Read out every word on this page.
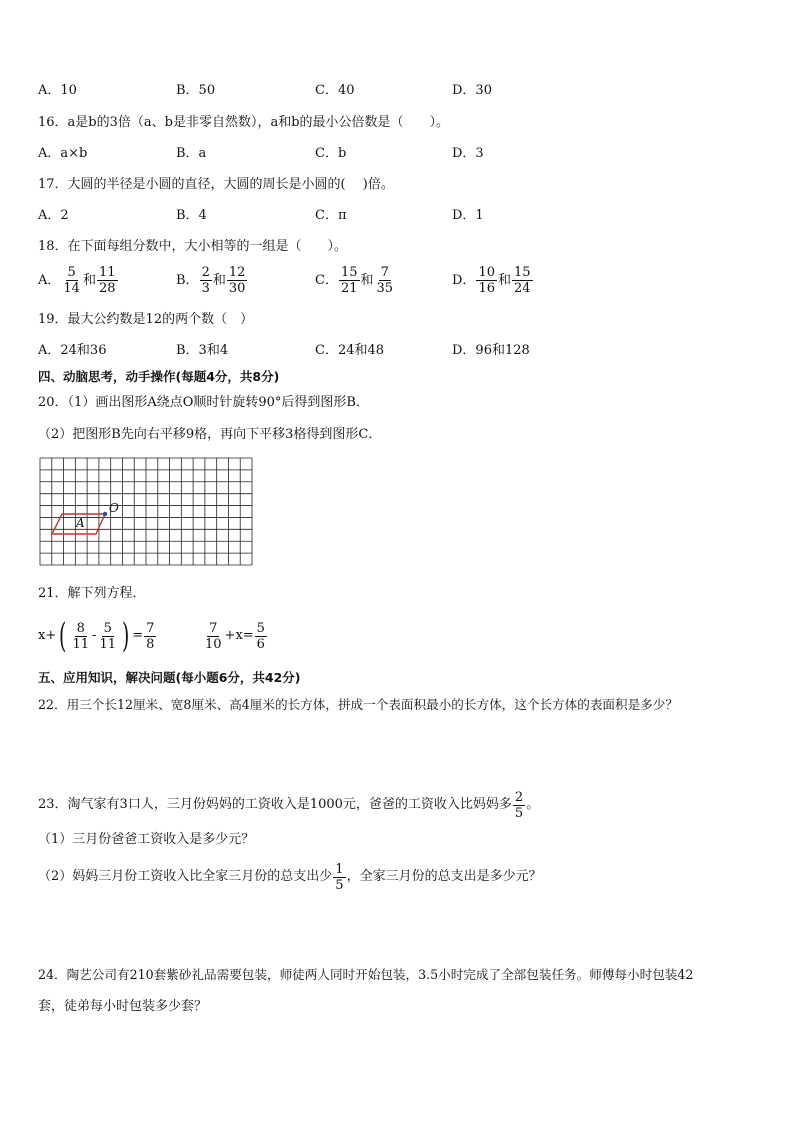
A．10	B．50	C．40	D．30
16．a是b的3倍（a、b是非零自然数），a和b的最小公倍数是（　　）。
A．a×b	B．a	C．b	D．3
17．大圆的半径是小圆的直径，大圆的周长是小圆的(　 )倍。
A．2	B．4	C．π	D．1
18．在下面每组分数中，大小相等的一组是（　　）。
A． $\frac{5}{14}$ 和 $\frac{11}{28}$	B． $\frac{2}{3}$ 和 $\frac{12}{30}$	C． $\frac{15}{21}$ 和 $\frac{7}{35}$	D． $\frac{10}{16}$ 和 $\frac{15}{24}$
19．最大公约数是12的两个数（　）
A．24和36	B．3和4	C．24和48	D．96和128
四、动脑思考，动手操作(每题4分，共8分)
20．（1）画出图形A绕点O顺时针旋转90°后得到图形B．
（2）把图形B先向右平移9格，再向下平移3格得到图形C．
A
O
21．解下列方程．
x+ ( $\frac{8}{11} - \frac{5}{11}$ ) = $\frac{7}{8}$	$\frac{7}{10} +x= \frac{5}{6}$
五、应用知识，解决问题(每小题6分，共42分)
22．用三个长12厘米、宽8厘米、高4厘米的长方体，拼成一个表面积最小的长方体，这个长方体的表面积是多少？
23．淘气家有3口人，三月份妈妈的工资收入是1000元，爸爸的工资收入比妈妈多 $\frac{2}{5}$ 。
（1）三月份爸爸工资收入是多少元？
（2）妈妈三月份工资收入比全家三月份的总支出少 $\frac{1}{5}$ ，全家三月份的总支出是多少元？
24．陶艺公司有210套紫砂礼品需要包装，师徒两人同时开始包装，3.5小时完成了全部包装任务。师傅每小时包装42
套，徒弟每小时包装多少套？
